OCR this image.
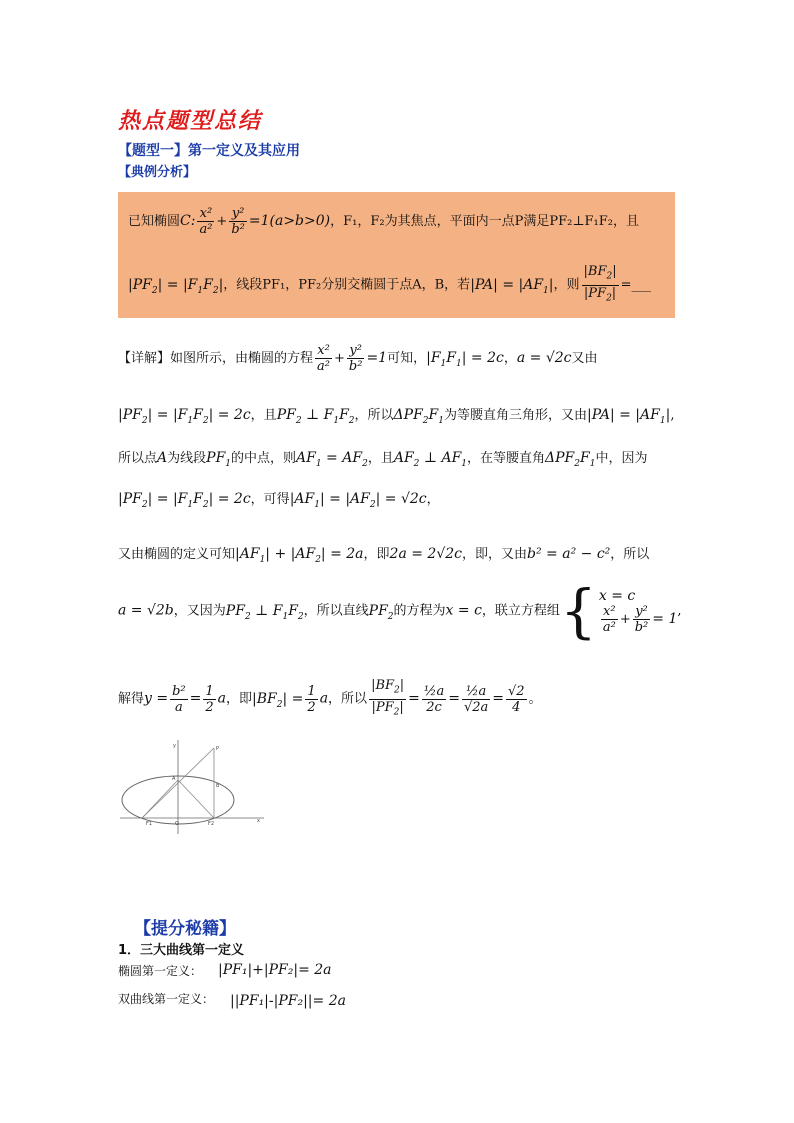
热点题型总结
【题型一】第一定义及其应用
【典例分析】
已知椭圆C: $\frac{\text{x²}}{\text{a²}} + \frac{\text{y²}}{\text{b²}} =1(a>b>0)$，F₁，F₂为其焦点，平面内一点P满足PF₂⊥F₁F₂，且
$|PF_2| = |F_1F_2|$，线段PF₁，PF₂分别交椭圆于点A，B，若$|PA| = |AF_1|$，则 $\frac{|BF_2|}{|PF_2|}$ =___
【详解】如图所示，由椭圆的方程 $\frac{\text{x²}}{\text{a²}} + \frac{\text{y²}}{\text{b²}} =1$可知，$|F_1F_1| = 2c$，a = √2c又由
$|PF_2| = |F_1F_2| = 2c$，且$PF_2$ ⊥ $F_1F_2$，所以$\Delta PF_2F_1$为等腰直角三角形，又由$|PA| = |AF_1|$,
所以点A为线段$PF_1$的中点，则$AF_1 = AF_2$，且$AF_2$ ⊥ $AF_1$，在等腰直角$\Delta PF_2F_1$中，因为
$|PF_2| = |F_1F_2| = 2c$，可得$|AF_1| = |AF_2| = √2c$，
又由椭圆的定义可知$|AF_1| + |AF_2| = 2a$，即2a = 2√2c，即，又由b² = a² − c²，所以
a = √2b，又因为$PF_2$ ⊥ $F_1F_2$，所以直线$PF_2$的方程为x = c，联立方程组{ x = c
$\frac{\text{x²}}{\text{a²}} + \frac{\text{y²}}{\text{b²}} = 1$ ,
解得$y = \frac{\text{b²}}{a} = \frac{1}{2}$ a，即$|BF_2| = \frac{1}{2}$ a，所以 $\frac{|BF_2|}{|PF_2|} = \frac{\text{½a}}{2c} = \frac{\text{½a}}{√2a} = \frac{√2}{4}$ 。
y
x
P
A
B
O
F1	F2
【提分秘籍】
1．三大曲线第一定义
椭圆第一定义： |PF₁|+|PF₂|= 2a
双曲线第一定义： ||PF₁|-|PF₂||= 2a
